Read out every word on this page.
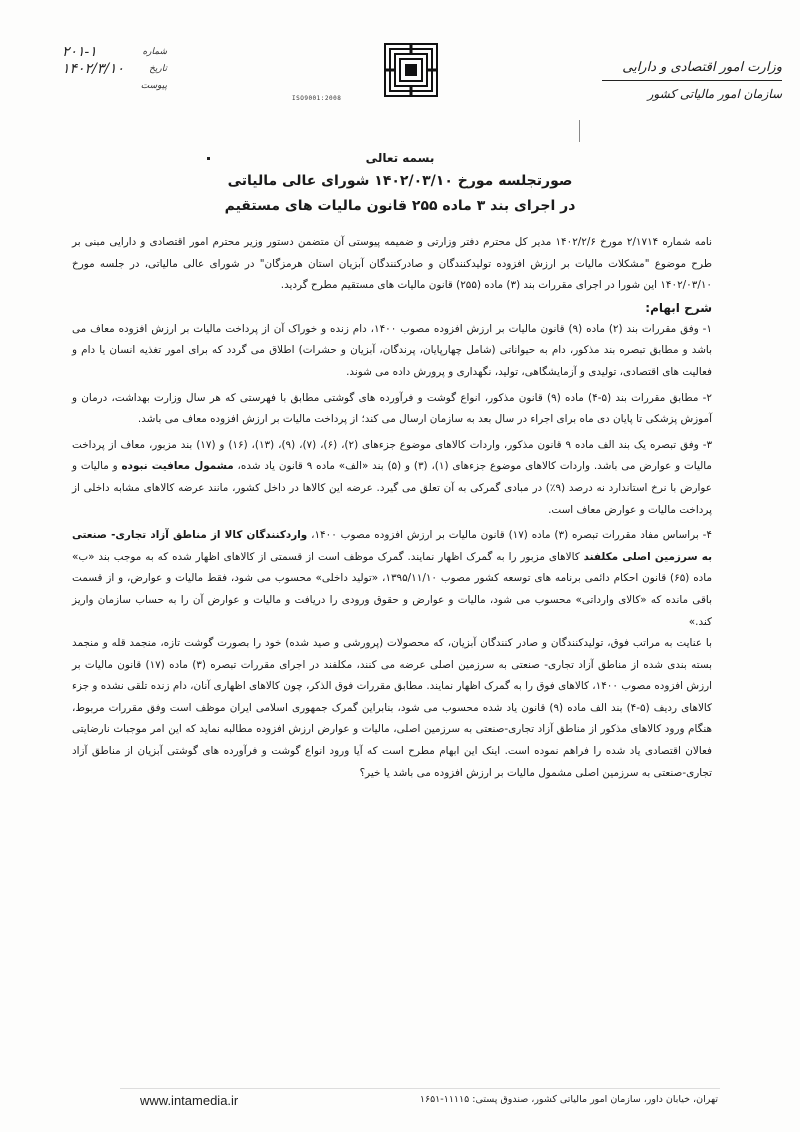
وزارت امور اقتصادی و دارایی
سازمان امور مالیاتی کشور
ISO9001:2008
شماره
۲۰۱-۱
تاریخ
۱۴۰۲/۳/۱۰
پیوست
بسمه تعالی
صورتجلسه مورخ ۱۴۰۲/۰۳/۱۰ شورای عالی مالیاتی
در اجرای بند ۳ ماده ۲۵۵ قانون مالیات های مستقیم

نامه شماره ۲/۱۷۱۴ مورخ ۱۴۰۲/۲/۶ مدیر کل محترم دفتر وزارتی و ضمیمه پیوستی آن متضمن دستور وزیر محترم امور اقتصادی و دارایی مبنی بر طرح موضوع "مشکلات مالیات بر ارزش افزوده تولیدکنندگان و صادرکنندگان آبزیان استان هرمزگان" در شورای عالی مالیاتی، در جلسه مورخ ۱۴۰۲/۰۳/۱۰ این شورا در اجرای مقررات بند (۳) ماده (۲۵۵) قانون مالیات های مستقیم مطرح گردید.

شرح ابهام:

۱- وفق مقررات بند (۲) ماده (۹) قانون مالیات بر ارزش افزوده مصوب ۱۴۰۰، دام زنده و خوراک آن از پرداخت مالیات بر ارزش افزوده معاف می باشد و مطابق تبصره بند مذکور، دام به حیواناتی (شامل چهارپایان، پرندگان، آبزیان و حشرات) اطلاق می گردد که برای امور تغذیه انسان یا دام و فعالیت های اقتصادی، تولیدی و آزمایشگاهی، تولید، نگهداری و پرورش داده می شوند.

۲- مطابق مقررات بند (۵-۴) ماده (۹) قانون مذکور، انواع گوشت و فرآورده های گوشتی مطابق با فهرستی که هر سال وزارت بهداشت، درمان و آموزش پزشکی تا پایان دی ماه برای اجراء در سال بعد به سازمان ارسال می کند؛ از پرداخت مالیات بر ارزش افزوده معاف می باشد.

۳- وفق تبصره یک بند الف ماده ۹ قانون مذکور، واردات کالاهای موضوع جزءهای (۲)، (۶)، (۷)، (۹)، (۱۳)، (۱۶) و (۱۷) بند مزبور، معاف از پرداخت مالیات و عوارض می باشد. واردات کالاهای موضوع جزءهای (۱)، (۳) و (۵) بند «الف» ماده ۹ قانون یاد شده، مشمول معافیت نبوده و مالیات و عوارض با نرخ استاندارد نه درصد (۹٪) در مبادی گمرکی به آن تعلق می گیرد. عرضه این کالاها در داخل کشور، مانند عرضه کالاهای مشابه داخلی از پرداخت مالیات و عوارض معاف است.

۴- براساس مفاد مقررات تبصره (۳) ماده (۱۷) قانون مالیات بر ارزش افزوده مصوب ۱۴۰۰، واردکنندگان کالا از مناطق آزاد تجاری- صنعتی به سرزمین اصلی مکلفند کالاهای مزبور را به گمرک اظهار نمایند. گمرک موظف است از قسمتی از کالاهای اظهار شده که به موجب بند «ب» ماده (۶۵) قانون احکام دائمی برنامه های توسعه کشور مصوب ۱۳۹۵/۱۱/۱۰، «تولید داخلی» محسوب می شود، فقط مالیات و عوارض، و از قسمت باقی مانده که «کالای وارداتی» محسوب می شود، مالیات و عوارض و حقوق ورودی را دریافت و مالیات و عوارض آن را به حساب سازمان واریز کند.»

با عنایت به مراتب فوق، تولیدکنندگان و صادر کنندگان آبزیان، که محصولات (پرورشی و صید شده) خود را بصورت گوشت تازه، منجمد قله و منجمد بسته بندی شده از مناطق آزاد تجاری- صنعتی به سرزمین اصلی عرضه می کنند، مکلفند در اجرای مقررات تبصره (۳) ماده (۱۷) قانون مالیات بر ارزش افزوده مصوب ۱۴۰۰، کالاهای فوق را به گمرک اظهار نمایند. مطابق مقررات فوق الذکر، چون کالاهای اظهاری آنان، دام زنده تلقی نشده و جزء کالاهای ردیف (۵-۴) بند الف ماده (۹) قانون یاد شده محسوب می شود، بنابراین گمرک جمهوری اسلامی ایران موظف است وفق مقررات مربوط، هنگام ورود کالاهای مذکور از مناطق آزاد تجاری-صنعتی به سرزمین اصلی، مالیات و عوارض ارزش افزوده مطالبه نماید که این امر موجبات نارضایتی فعالان اقتصادی یاد شده را فراهم نموده است. اینک این ابهام مطرح است که آیا ورود انواع گوشت و فرآورده های گوشتی آبزیان از مناطق آزاد تجاری-صنعتی به سرزمین اصلی مشمول مالیات بر ارزش افزوده می باشد یا خیر؟

www.intamedia.ir	تهران، خیابان داور، سازمان امور مالیاتی کشور، صندوق پستی: ۱۱۱۱۵-۱۶۵۱
